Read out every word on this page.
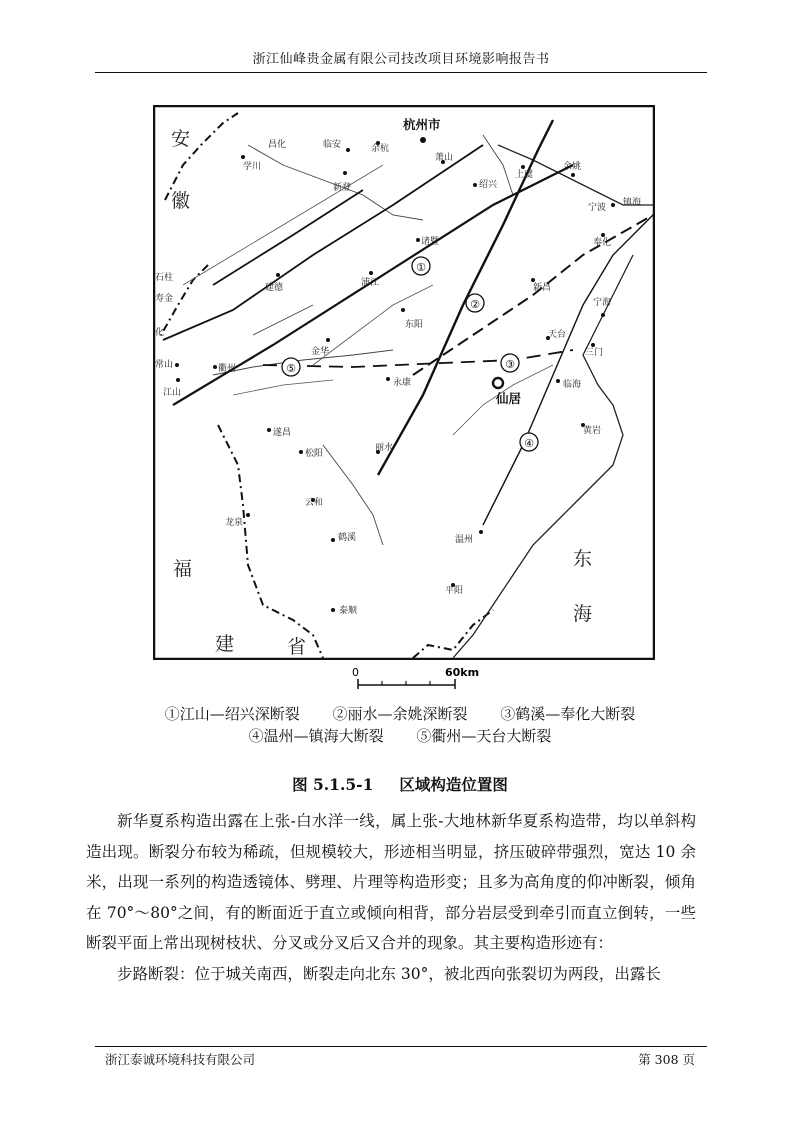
浙江仙峰贵金属有限公司技改项目环境影响报告书
①
②
③
④
⑤
安
徽
福
建	省
东
海
杭州市
仙居
昌化	临安	余杭
萧山
学川
新登	绍兴
上虞
余姚
宁波 镇海
奉化
诸暨
浦江
建德	新昌
宁海
东阳
天台
三门
金华
衢州
常山
江山
永康	临海
黄岩
遂昌
松阳
丽水
云和
龙泉
鹤溪	温州
平阳
泰顺
石柱
寿金
化
0	60km
①江山—绍兴深断裂 ②丽水—余姚深断裂 ③鹤溪—奉化大断裂
④温州—镇海大断裂 ⑤衢州—天台大断裂
图 5.1.5-1 区域构造位置图

新华夏系构造出露在上张-白水洋一线，属上张-大地林新华夏系构造带，均以单斜构造出现。断裂分布较为稀疏，但规模较大，形迹相当明显，挤压破碎带强烈，宽达 10 余米，出现一系列的构造透镜体、劈理、片理等构造形变；且多为高角度的仰冲断裂，倾角在 70°～80°之间，有的断面近于直立或倾向相背，部分岩层受到牵引而直立倒转，一些断裂平面上常出现树枝状、分叉或分叉后又合并的现象。其主要构造形迹有：

步路断裂：位于城关南西，断裂走向北东 30°，被北西向张裂切为两段，出露长

浙江泰诚环境科技有限公司	第 308 页
